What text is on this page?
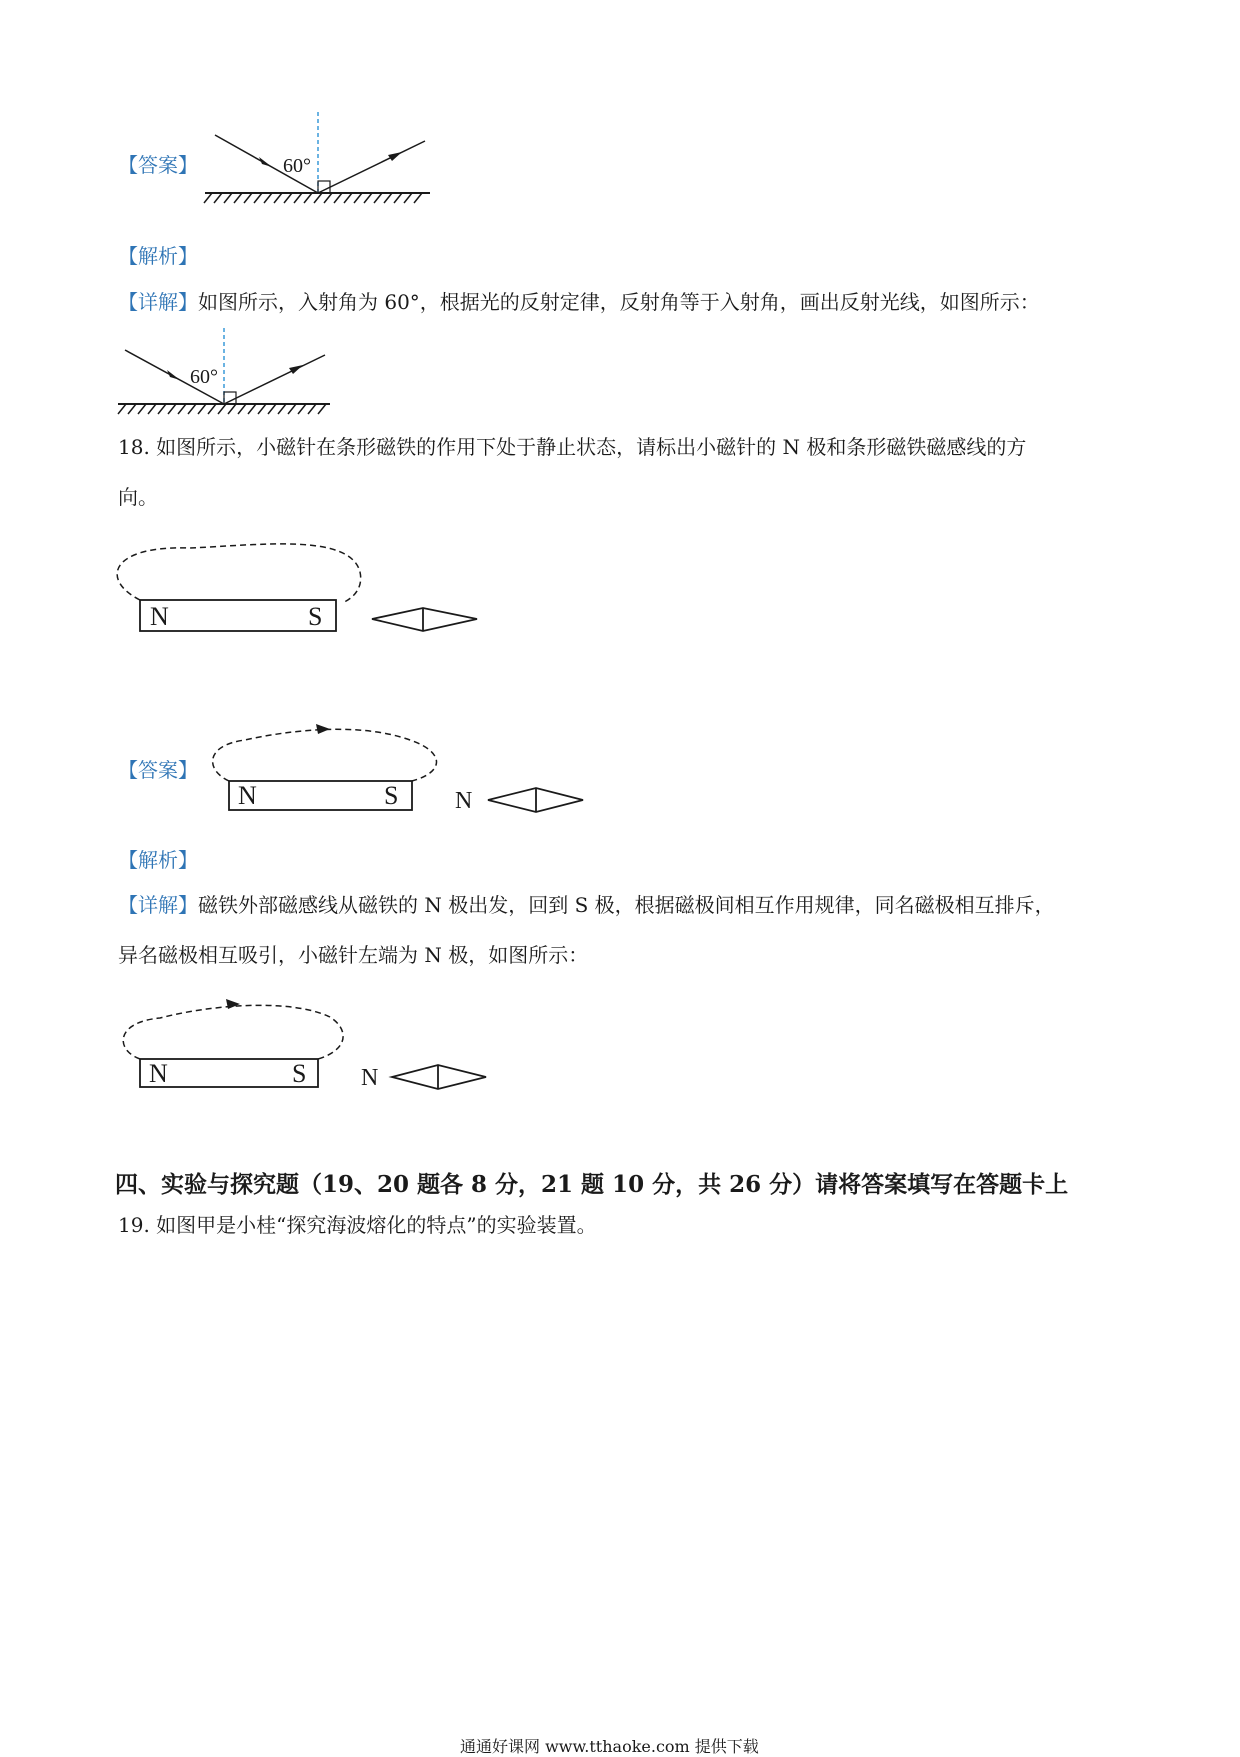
【答案】	60°
【解析】
【详解】如图所示，入射角为 60°，根据光的反射定律，反射角等于入射角，画出反射光线，如图所示：
60°
18. 如图所示，小磁针在条形磁铁的作用下处于静止状态，请标出小磁针的 N 极和条形磁铁磁感线的方
向。
N	S
【答案】
N	S N
【解析】
【详解】磁铁外部磁感线从磁铁的 N 极出发，回到 S 极，根据磁极间相互作用规律，同名磁极相互排斥，
异名磁极相互吸引，小磁针左端为 N 极，如图所示：
N	S N
四、实验与探究题（19、20 题各 8 分，21 题 10 分，共 26 分）请将答案填写在答题卡上
19. 如图甲是小桂“探究海波熔化的特点”的实验装置。
通通好课网 www.tthaoke.com 提供下载
